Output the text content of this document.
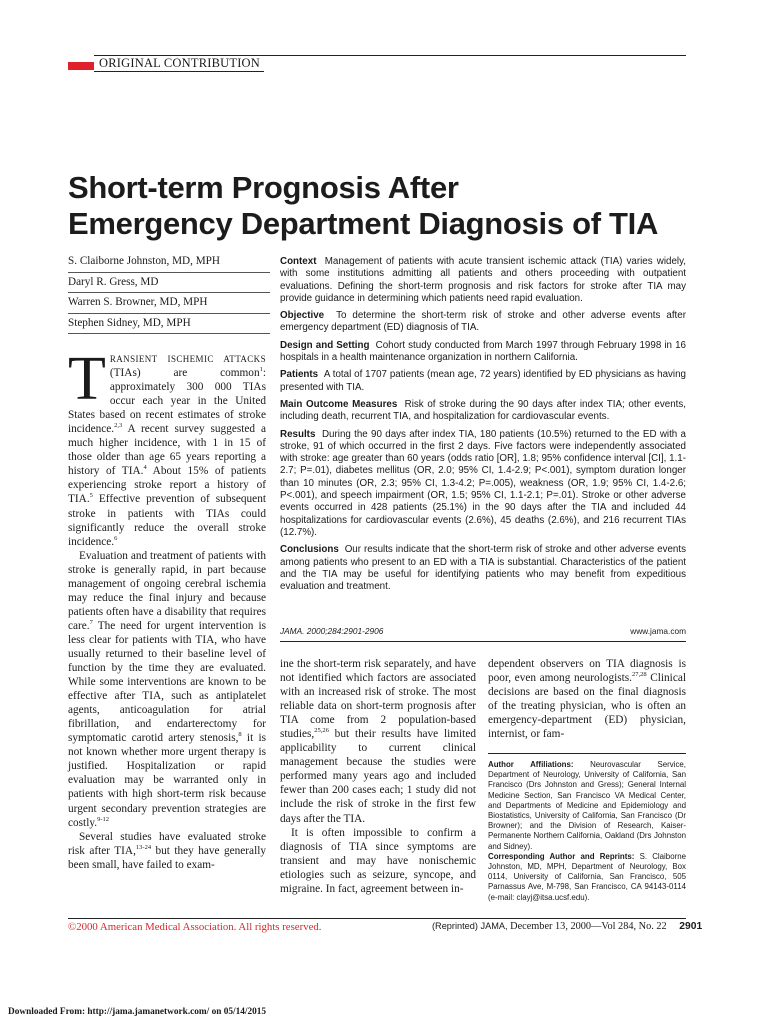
ORIGINAL CONTRIBUTION
Short-term Prognosis After
Emergency Department Diagnosis of TIA
S. Claiborne Johnston, MD, MPH
Daryl R. Gress, MD
Warren S. Browner, MD, MPH
Stephen Sidney, MD, MPH

Context Management of patients with acute transient ischemic attack (TIA) varies widely, with some institutions admitting all patients and others proceeding with outpatient evaluations. Defining the short-term prognosis and risk factors for stroke after TIA may provide guidance in determining which patients need rapid evaluation.

Objective To determine the short-term risk of stroke and other adverse events after emergency department (ED) diagnosis of TIA.

Design and Setting Cohort study conducted from March 1997 through February 1998 in 16 hospitals in a health maintenance organization in northern California.

Patients A total of 1707 patients (mean age, 72 years) identified by ED physicians as having presented with TIA.

Main Outcome Measures Risk of stroke during the 90 days after index TIA; other events, including death, recurrent TIA, and hospitalization for cardiovascular events.

Results During the 90 days after index TIA, 180 patients (10.5%) returned to the ED with a stroke, 91 of which occurred in the first 2 days. Five factors were independently associated with stroke: age greater than 60 years (odds ratio [OR], 1.8; 95% confidence interval [CI], 1.1-2.7; P=.01), diabetes mellitus (OR, 2.0; 95% CI, 1.4-2.9; P<.001), symptom duration longer than 10 minutes (OR, 2.3; 95% CI, 1.3-4.2; P=.005), weakness (OR, 1.9; 95% CI, 1.4-2.6; P<.001), and speech impairment (OR, 1.5; 95% CI, 1.1-2.1; P=.01). Stroke or other adverse events occurred in 428 patients (25.1%) in the 90 days after the TIA and included 44 hospitalizations for cardiovascular events (2.6%), 45 deaths (2.6%), and 216 recurrent TIAs (12.7%).

Conclusions Our results indicate that the short-term risk of stroke and other adverse events among patients who present to an ED with a TIA is substantial. Characteristics of the patient and the TIA may be useful for identifying patients who may benefit from expeditious evaluation and treatment.

JAMA. 2000;284:2901-2906	www.jama.com

TRANSIENT ISCHEMIC ATTACKS (TIAs) are common$^1$: approximately 300 000 TIAs occur each year in the United States based on recent estimates of stroke incidence.$^{2,3}$ A recent survey suggested a much higher incidence, with 1 in 15 of those older than age 65 years reporting a history of TIA.$^4$ About 15% of patients experiencing stroke report a history of TIA.$^5$ Effective prevention of subsequent stroke in patients with TIAs could significantly reduce the overall stroke incidence.$^6$

Evaluation and treatment of patients with stroke is generally rapid, in part because management of ongoing cerebral ischemia may reduce the final injury and because patients often have a disability that requires care.$^7$ The need for urgent intervention is less clear for patients with TIA, who have usually returned to their baseline level of function by the time they are evaluated. While some interventions are known to be effective after TIA, such as antiplatelet agents, anticoagulation for atrial fibrillation, and endarterectomy for symptomatic carotid artery stenosis,$^8$ it is not known whether more urgent therapy is justified. Hospitalization or rapid evaluation may be warranted only in patients with high short-term risk because urgent secondary prevention strategies are costly.$^{9-12}$

Several studies have evaluated stroke risk after TIA,$^{13-24}$ but they have generally been small, have failed to exam-

ine the short-term risk separately, and have not identified which factors are associated with an increased risk of stroke. The most reliable data on short-term prognosis after TIA come from 2 population-based studies,$^{25,26}$ but their results have limited applicability to current clinical management because the studies were performed many years ago and included fewer than 200 cases each; 1 study did not include the risk of stroke in the first few days after the TIA.

It is often impossible to confirm a diagnosis of TIA since symptoms are transient and may have nonischemic etiologies such as seizure, syncope, and migraine. In fact, agreement between in-

dependent observers on TIA diagnosis is poor, even among neurologists.$^{27,28}$ Clinical decisions are based on the final diagnosis of the treating physician, who is often an emergency-department (ED) physician, internist, or fam-

Author Affiliations: Neurovascular Service, Department of Neurology, University of California, San Francisco (Drs Johnston and Gress); General Internal Medicine Section, San Francisco VA Medical Center, and Departments of Medicine and Epidemiology and Biostatistics, University of California, San Francisco (Dr Browner); and the Division of Research, Kaiser-Permanente Northern California, Oakland (Drs Johnston and Sidney).

Corresponding Author and Reprints: S. Claiborne Johnston, MD, MPH, Department of Neurology, Box 0114, University of California, San Francisco, 505 Parnassus Ave, M-798, San Francisco, CA 94143-0114 (e-mail: clayj@itsa.ucsf.edu).

©2000 American Medical Association. All rights reserved.	(Reprinted) JAMA, December 13, 2000—Vol 284, No. 22 2901
Downloaded From: http://jama.jamanetwork.com/ on 05/14/2015
